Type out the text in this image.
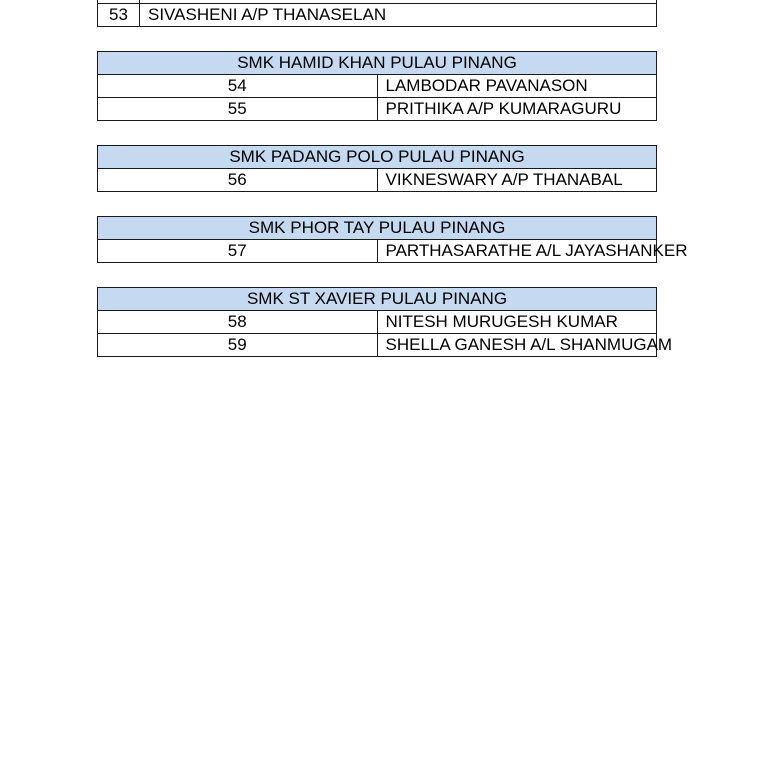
53	SIVASHENI A/P THANASELAN
SMK HAMID KHAN PULAU PINANG	
54	LAMBODAR PAVANASON
55	PRITHIKA A/P KUMARAGURU
SMK PADANG POLO PULAU PINANG
56	VIKNESWARY A/P THANABAL
SMK PHOR TAY PULAU PINANG
57	PARTHASARATHE A/L JAYASHANKER
SMK ST XAVIER PULAU PINANG	
58	NITESH MURUGESH KUMAR
59	SHELLA GANESH A/L SHANMUGAM
